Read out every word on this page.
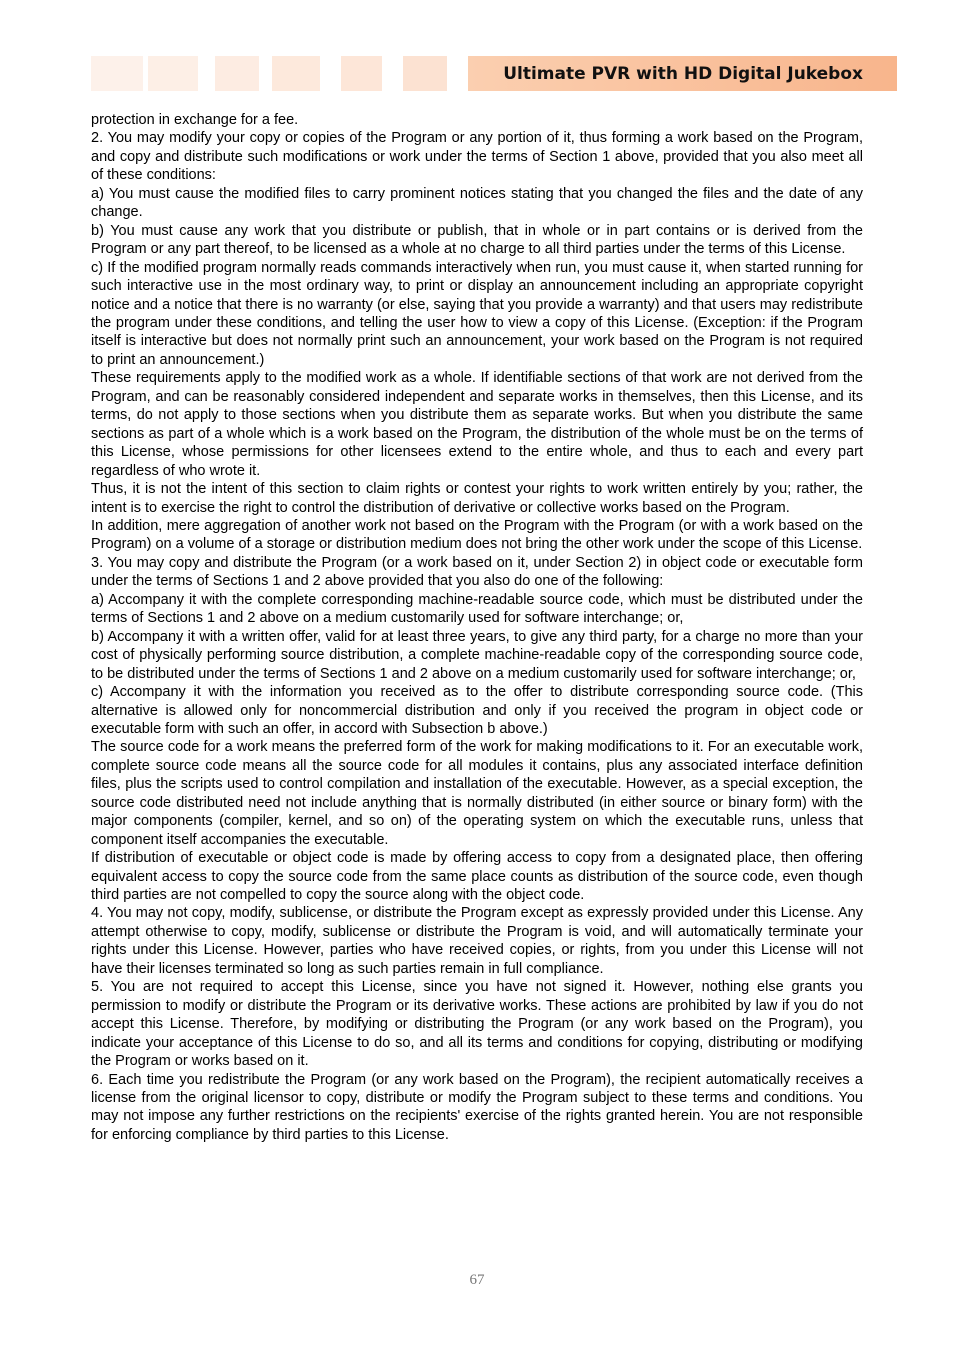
Ultimate PVR with HD Digital Jukebox

protection in exchange for a fee.

2. You may modify your copy or copies of the Program or any portion of it, thus forming a work based on the Program, and copy and distribute such modifications or work under the terms of Section 1 above, provided that you also meet all of these conditions:

a) You must cause the modified files to carry prominent notices stating that you changed the files and the date of any change.

b) You must cause any work that you distribute or publish, that in whole or in part contains or is derived from the Program or any part thereof, to be licensed as a whole at no charge to all third parties under the terms of this License.

c) If the modified program normally reads commands interactively when run, you must cause it, when started running for such interactive use in the most ordinary way, to print or display an announcement including an appropriate copyright notice and a notice that there is no warranty (or else, saying that you provide a warranty) and that users may redistribute the program under these conditions, and telling the user how to view a copy of this License. (Exception: if the Program itself is interactive but does not normally print such an announcement, your work based on the Program is not required to print an announcement.)

These requirements apply to the modified work as a whole. If identifiable sections of that work are not derived from the Program, and can be reasonably considered independent and separate works in themselves, then this License, and its terms, do not apply to those sections when you distribute them as separate works. But when you distribute the same sections as part of a whole which is a work based on the Program, the distribution of the whole must be on the terms of this License, whose permissions for other licensees extend to the entire whole, and thus to each and every part regardless of who wrote it.

Thus, it is not the intent of this section to claim rights or contest your rights to work written entirely by you; rather, the intent is to exercise the right to control the distribution of derivative or collective works based on the Program.

In addition, mere aggregation of another work not based on the Program with the Program (or with a work based on the Program) on a volume of a storage or distribution medium does not bring the other work under the scope of this License.

3. You may copy and distribute the Program (or a work based on it, under Section 2) in object code or executable form under the terms of Sections 1 and 2 above provided that you also do one of the following:

a) Accompany it with the complete corresponding machine-readable source code, which must be distributed under the terms of Sections 1 and 2 above on a medium customarily used for software interchange; or,

b) Accompany it with a written offer, valid for at least three years, to give any third party, for a charge no more than your cost of physically performing source distribution, a complete machine-readable copy of the corresponding source code, to be distributed under the terms of Sections 1 and 2 above on a medium customarily used for software interchange; or,

c) Accompany it with the information you received as to the offer to distribute corresponding source code. (This alternative is allowed only for noncommercial distribution and only if you received the program in object code or executable form with such an offer, in accord with Subsection b above.)

The source code for a work means the preferred form of the work for making modifications to it. For an executable work, complete source code means all the source code for all modules it contains, plus any associated interface definition files, plus the scripts used to control compilation and installation of the executable. However, as a special exception, the source code distributed need not include anything that is normally distributed (in either source or binary form) with the major components (compiler, kernel, and so on) of the operating system on which the executable runs, unless that component itself accompanies the executable.

If distribution of executable or object code is made by offering access to copy from a designated place, then offering equivalent access to copy the source code from the same place counts as distribution of the source code, even though third parties are not compelled to copy the source along with the object code.

4. You may not copy, modify, sublicense, or distribute the Program except as expressly provided under this License. Any attempt otherwise to copy, modify, sublicense or distribute the Program is void, and will automatically terminate your rights under this License. However, parties who have received copies, or rights, from you under this License will not have their licenses terminated so long as such parties remain in full compliance.

5. You are not required to accept this License, since you have not signed it. However, nothing else grants you permission to modify or distribute the Program or its derivative works. These actions are prohibited by law if you do not accept this License. Therefore, by modifying or distributing the Program (or any work based on the Program), you indicate your acceptance of this License to do so, and all its terms and conditions for copying, distributing or modifying the Program or works based on it.

6. Each time you redistribute the Program (or any work based on the Program), the recipient automatically receives a license from the original licensor to copy, distribute or modify the Program subject to these terms and conditions. You may not impose any further restrictions on the recipients' exercise of the rights granted herein. You are not responsible for enforcing compliance by third parties to this License.

67
